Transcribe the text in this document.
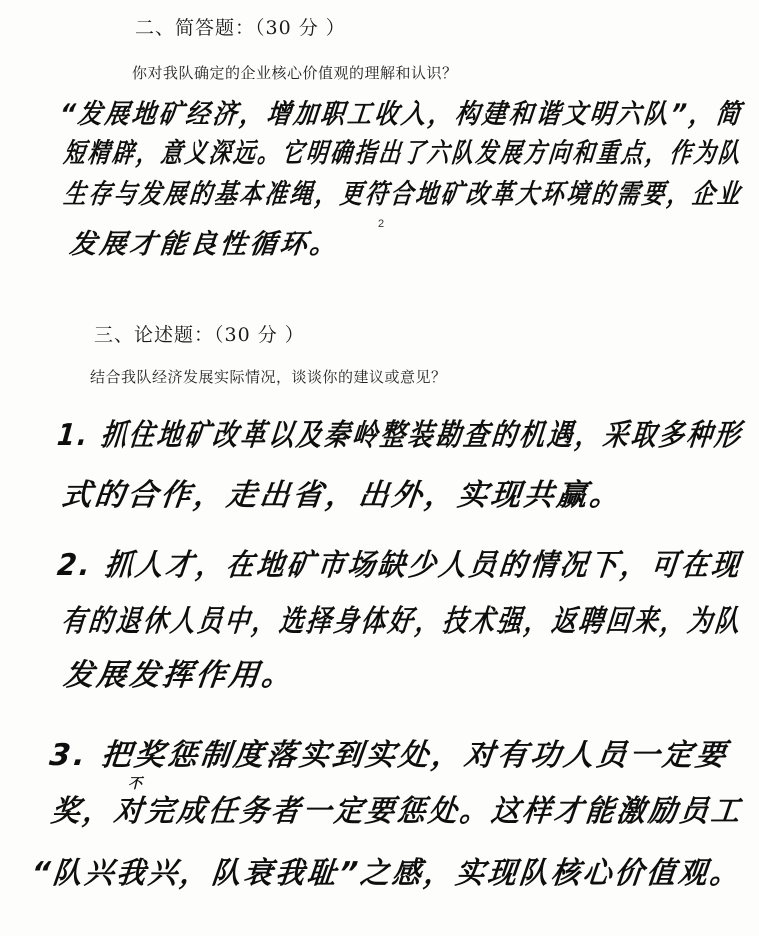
二、简答题：（30 分 ）
你对我队确定的企业核心价值观的理解和认识？
“发展地矿经济，增加职工收入，构建和谐文明六队”，简
短精辟，意义深远。它明确指出了六队发展方向和重点，作为队
生存与发展的基本准绳，更符合地矿改革大环境的需要，企业
发展才能良性循环。
2
三、论述题：（30 分 ）
结合我队经济发展实际情况，谈谈你的建议或意见？
1. 抓住地矿改革以及秦岭整装勘查的机遇，采取多种形
式的合作，走出省，出外，实现共赢。
2. 抓人才，在地矿市场缺少人员的情况下，可在现
有的退休人员中，选择身体好，技术强，返聘回来，为队
发展发挥作用。
3. 把奖惩制度落实到实处，对有功人员一定要
不
奖，对完成任务者一定要惩处。这样才能激励员工
“队兴我兴，队衰我耻”之感，实现队核心价值观。
